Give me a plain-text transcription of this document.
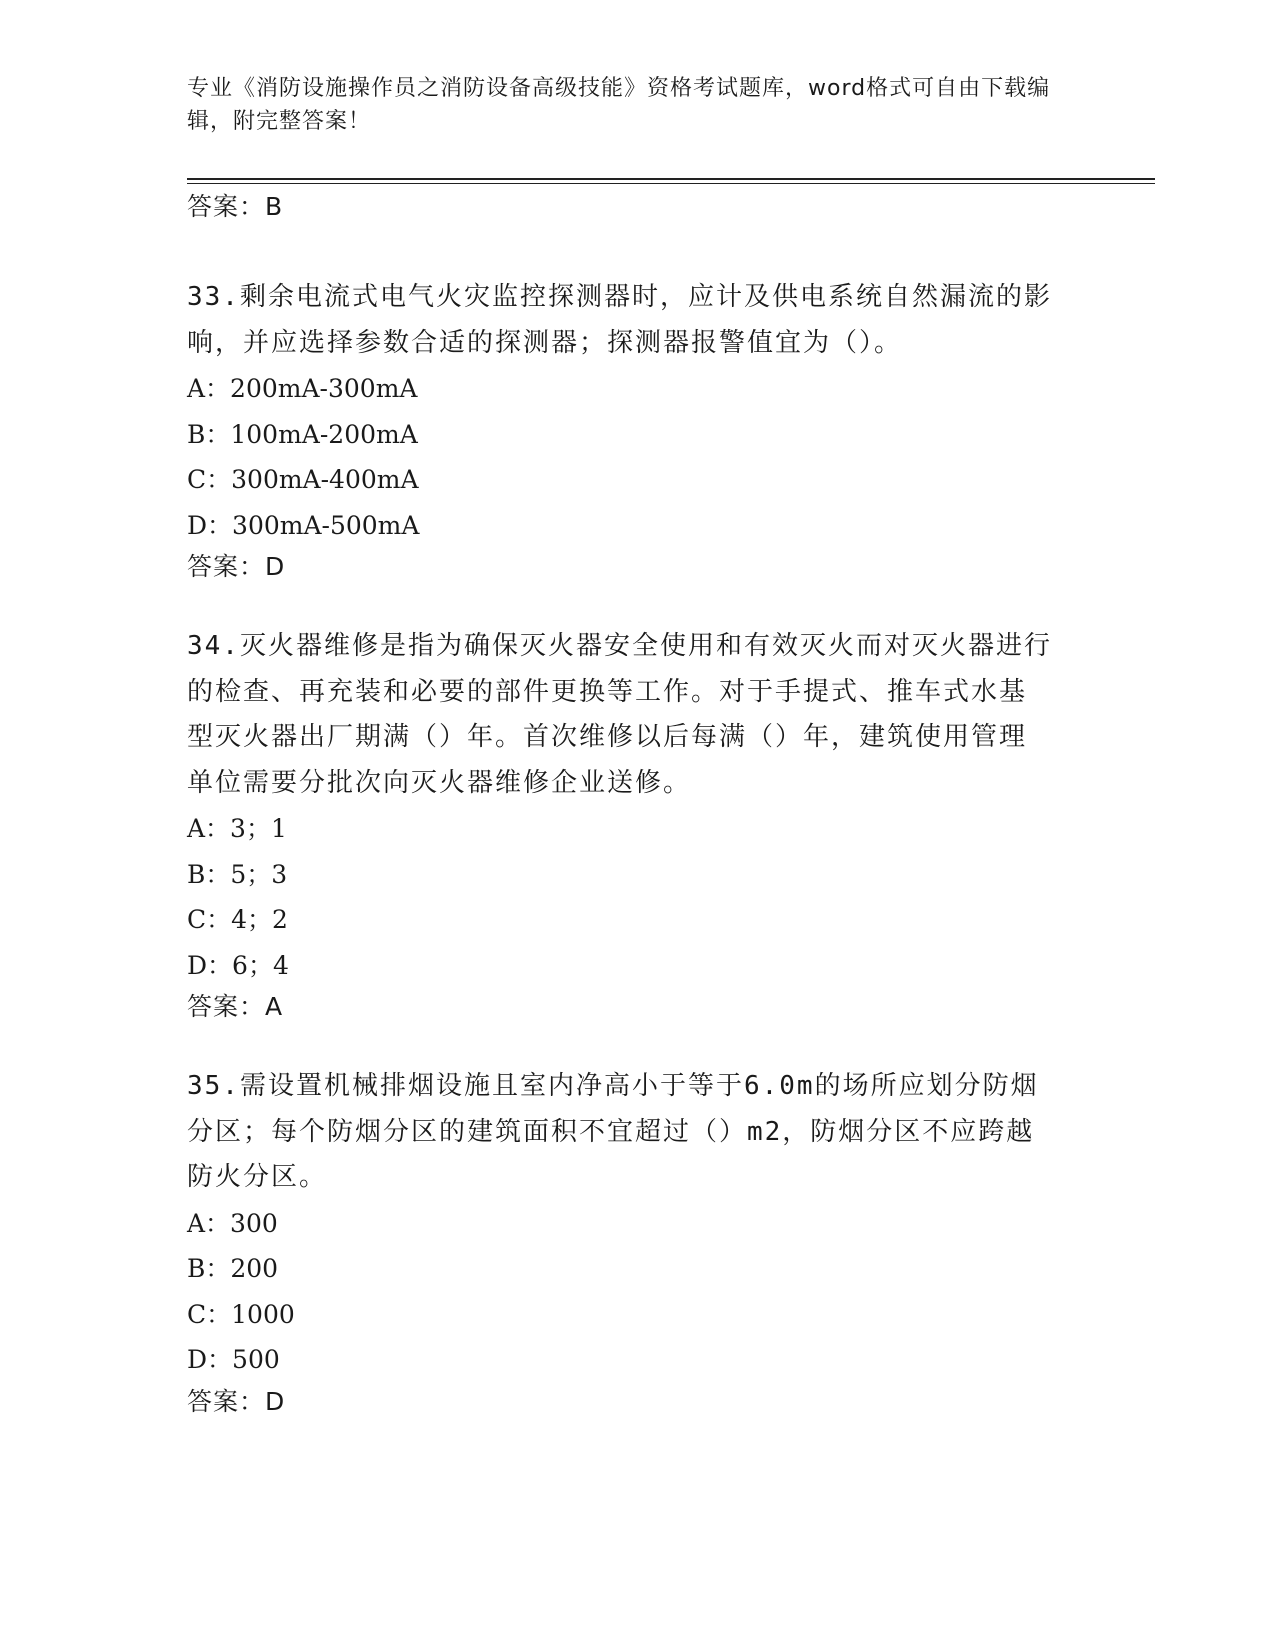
专业《消防设施操作员之消防设备高级技能》资格考试题库，word格式可自由下载编辑，附完整答案！

答案：B
33.剩余电流式电气火灾监控探测器时，应计及供电系统自然漏流的影
响，并应选择参数合适的探测器；探测器报警值宜为（）。
A：200mA-300mA
B：100mA-200mA
C：300mA-400mA
D：300mA-500mA
答案：D
34.灭火器维修是指为确保灭火器安全使用和有效灭火而对灭火器进行
的检查、再充装和必要的部件更换等工作。对于手提式、推车式水基
型灭火器出厂期满（）年。首次维修以后每满（）年，建筑使用管理
单位需要分批次向灭火器维修企业送修。
A：3；1
B：5；3
C：4；2
D：6；4
答案：A
35.需设置机械排烟设施且室内净高小于等于6.0m的场所应划分防烟
分区；每个防烟分区的建筑面积不宜超过（）m2，防烟分区不应跨越
防火分区。
A：300
B：200
C：1000
D：500
答案：D
